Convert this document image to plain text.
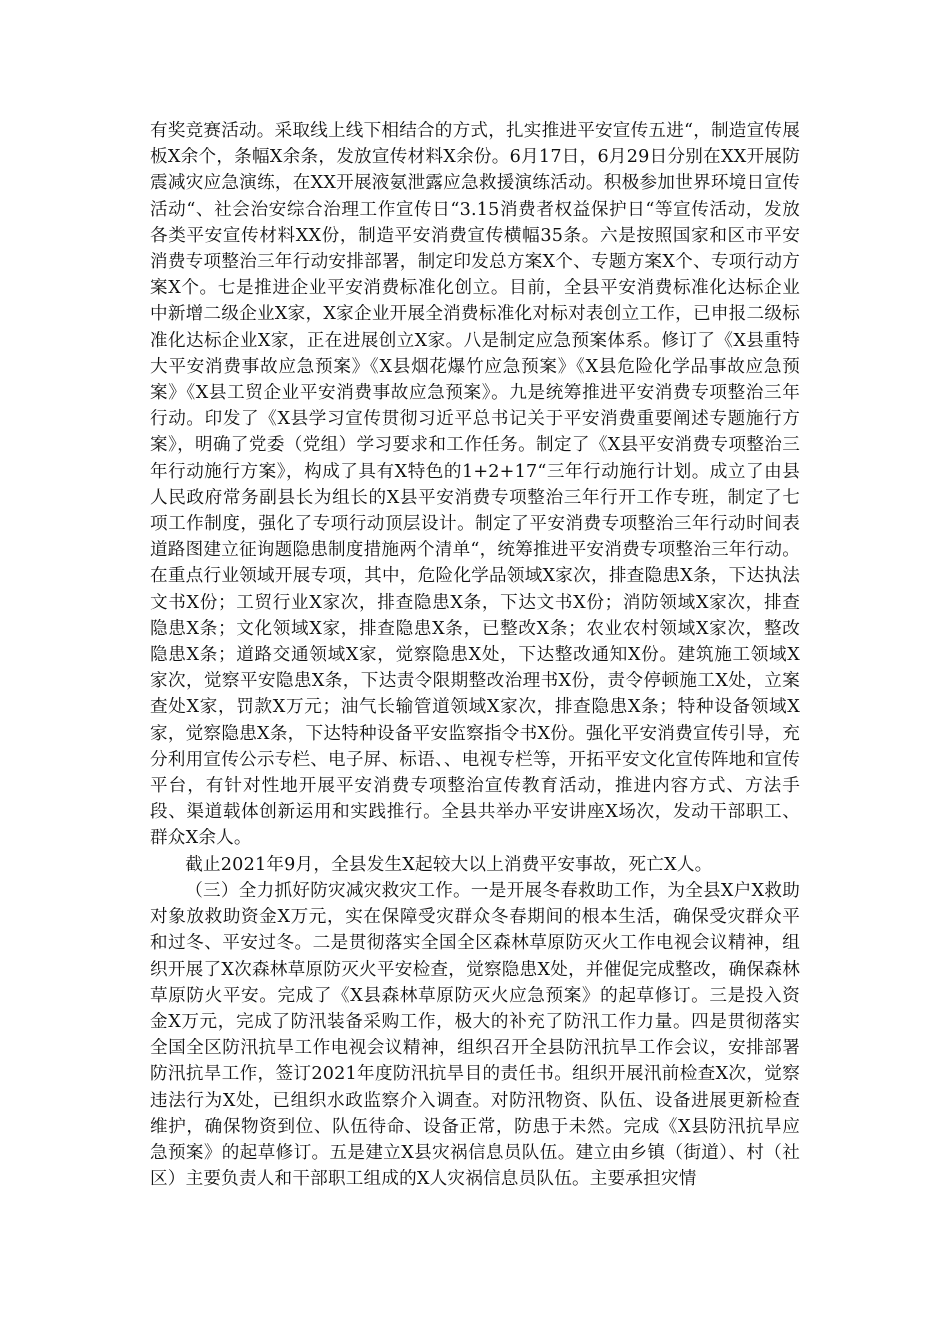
有奖竞赛活动。采取线上线下相结合的方式，扎实推进平安宣传五进“，制造宣传展板X余个，条幅X余条，发放宣传材料X余份。6月17日，6月29日分别在XX开展防震减灾应急演练，在XX开展液氨泄露应急救援演练活动。积极参加世界环境日宣传活动“、社会治安综合治理工作宣传日“3.15消费者权益保护日“等宣传活动，发放各类平安宣传材料XX份，制造平安消费宣传横幅35条。六是按照国家和区市平安消费专项整治三年行动安排部署，制定印发总方案X个、专题方案X个、专项行动方案X个。七是推进企业平安消费标准化创立。目前，全县平安消费标准化达标企业中新增二级企业X家，X家企业开展全消费标准化对标对表创立工作，已申报二级标准化达标企业X家，正在进展创立X家。八是制定应急预案体系。修订了《X县重特大平安消费事故应急预案》《X县烟花爆竹应急预案》《X县危险化学品事故应急预案》《X县工贸企业平安消费事故应急预案》。九是统筹推进平安消费专项整治三年行动。印发了《X县学习宣传贯彻习近平总书记关于平安消费重要阐述专题施行方案》，明确了党委（党组）学习要求和工作任务。制定了《X县平安消费专项整治三年行动施行方案》，构成了具有X特色的1+2+17“三年行动施行计划。成立了由县人民政府常务副县长为组长的X县平安消费专项整治三年行开工作专班，制定了七项工作制度，强化了专项行动顶层设计。制定了平安消费专项整治三年行动时间表道路图建立征询题隐患制度措施两个清单“，统筹推进平安消费专项整治三年行动。在重点行业领域开展专项，其中，危险化学品领域X家次，排查隐患X条，下达执法文书X份；工贸行业X家次，排查隐患X条，下达文书X份；消防领域X家次，排查隐患X条；文化领域X家，排查隐患X条，已整改X条；农业农村领域X家次，整改隐患X条；道路交通领域X家，觉察隐患X处，下达整改通知X份。建筑施工领域X家次，觉察平安隐患X条，下达责令限期整改治理书X份，责令停顿施工X处，立案查处X家，罚款X万元；油气长输管道领域X家次，排查隐患X条；特种设备领域X家，觉察隐患X条，下达特种设备平安监察指令书X份。强化平安消费宣传引导，充分利用宣传公示专栏、电子屏、标语、、电视专栏等，开拓平安文化宣传阵地和宣传平台，有针对性地开展平安消费专项整治宣传教育活动，推进内容方式、方法手段、渠道载体创新运用和实践推行。全县共举办平安讲座X场次，发动干部职工、群众X余人。

截止2021年9月，全县发生X起较大以上消费平安事故，死亡X人。

（三）全力抓好防灾减灾救灾工作。一是开展冬春救助工作，为全县X户X救助对象放救助资金X万元，实在保障受灾群众冬春期间的根本生活，确保受灾群众平和过冬、平安过冬。二是贯彻落实全国全区森林草原防灭火工作电视会议精神，组织开展了X次森林草原防灭火平安检查，觉察隐患X处，并催促完成整改，确保森林草原防火平安。完成了《X县森林草原防灭火应急预案》的起草修订。三是投入资金X万元，完成了防汛装备采购工作，极大的补充了防汛工作力量。四是贯彻落实全国全区防汛抗旱工作电视会议精神，组织召开全县防汛抗旱工作会议，安排部署防汛抗旱工作，签订2021年度防汛抗旱目的责任书。组织开展汛前检查X次，觉察违法行为X处，已组织水政监察介入调查。对防汛物资、队伍、设备进展更新检查维护，确保物资到位、队伍待命、设备正常，防患于未然。完成《X县防汛抗旱应急预案》的起草修订。五是建立X县灾祸信息员队伍。建立由乡镇（街道）、村（社区）主要负责人和干部职工组成的X人灾祸信息员队伍。主要承担灾情
